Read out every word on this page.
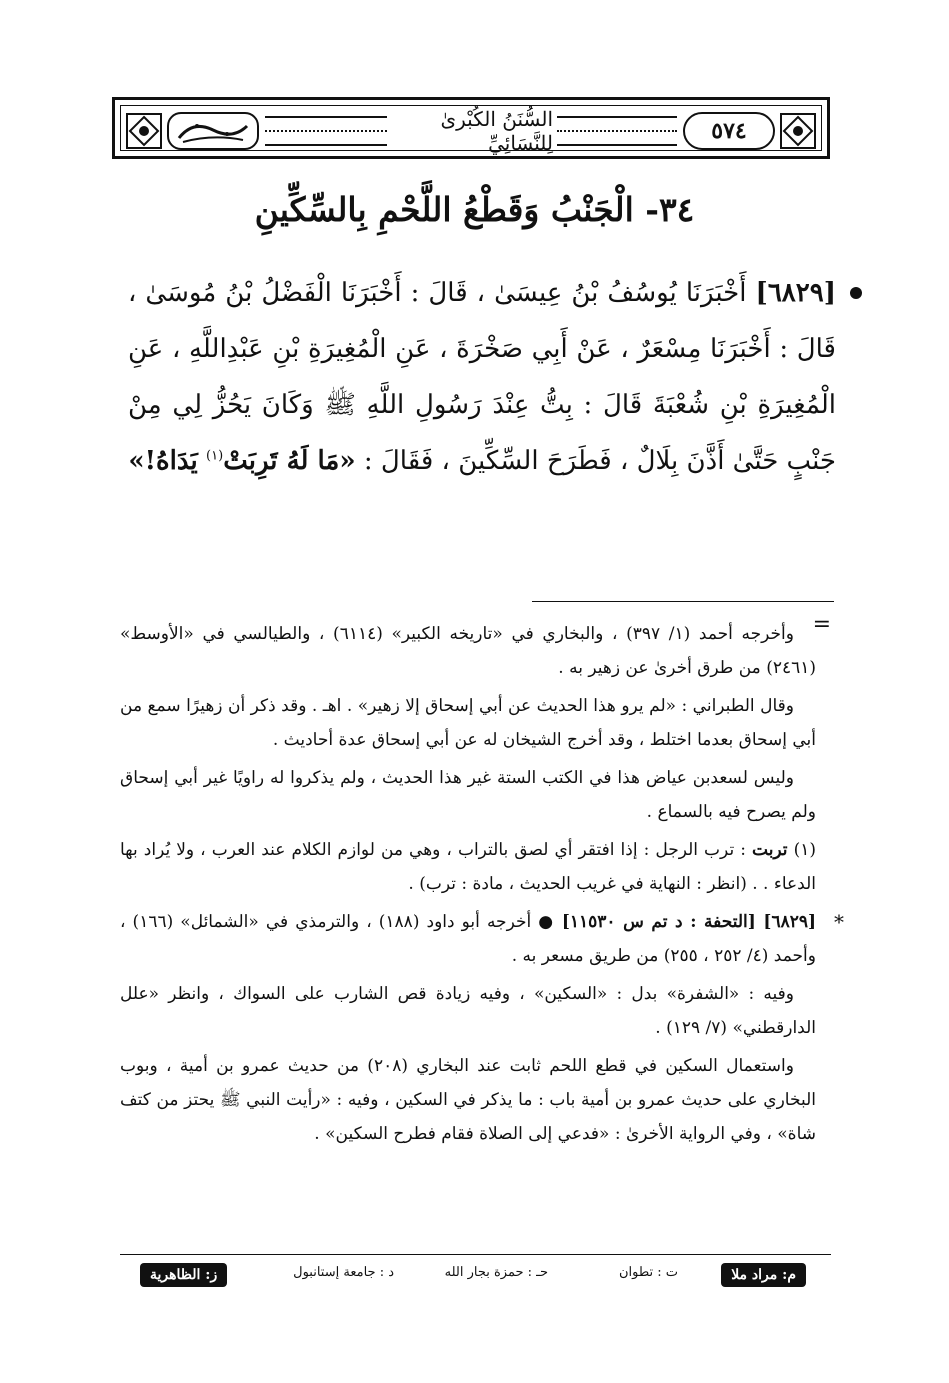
٥٧٤
السُّنَنُ الكُبْرىٰ لِلنَّسَائِيِّ
٣٤- الْجَنْبُ وَقَطْعُ اللَّحْمِ بِالسِّكِّينِ
[٦٨٢٩] أَخْبَرَنَا يُوسُفُ بْنُ عِيسَىٰ ، قَالَ : أَخْبَرَنَا الْفَضْلُ بْنُ مُوسَىٰ ، قَالَ : أَخْبَرَنَا مِسْعَرٌ ، عَنْ أَبِي صَخْرَةَ ، عَنِ الْمُغِيرَةِ بْنِ عَبْدِاللَّهِ ، عَنِ الْمُغِيرَةِ بْنِ شُعْبَةَ قَالَ : بِتُّ عِنْدَ رَسُولِ اللَّهِ ﷺ وَكَانَ يَحُزُّ لِي مِنْ جَنْبٍ حَتَّىٰ أَذَّنَ بِلَالٌ ، فَطَرَحَ السِّكِّينَ ، فَقَالَ : «مَا لَهُ تَرِبَتْ$^{(١)}$ يَدَاهُ!»
=

وأخرجه أحمد (١/ ٣٩٧) ، والبخاري في «تاريخه الكبير» (٦١١٤) ، والطيالسي في «الأوسط» (٢٤٦١) من طرق أخرىٰ عن زهير به .

وقال الطبراني : «لم يرو هذا الحديث عن أبي إسحاق إلا زهير» . اهـ . وقد ذكر أن زهيرًا سمع من أبي إسحاق بعدما اختلط ، وقد أخرج الشيخان له عن أبي إسحاق عدة أحاديث .

وليس لسعدبن عياض هذا في الكتب الستة غير هذا الحديث ، ولم يذكروا له راويًا غير أبي إسحاق ولم يصرح فيه بالسماع .

(١) تربت : ترب الرجل : إذا افتقر أي لصق بالتراب ، وهي من لوازم الكلام عند العرب ، ولا يُراد بها الدعاء . . (انظر : النهاية في غريب الحديث ، مادة : ترب) .

*
[٦٨٢٩] [التحفة : د تم س ١١٥٣٠] ● أخرجه أبو داود (١٨٨) ، والترمذي في «الشمائل» (١٦٦) ، وأحمد (٤/ ٢٥٢ ، ٢٥٥) من طريق مسعر به .

وفيه : «الشفرة» بدل : «السكين» ، وفيه زيادة قص الشارب على السواك ، وانظر «علل الدارقطني» (٧/ ١٢٩) .

واستعمال السكين في قطع اللحم ثابت عند البخاري (٢٠٨) من حديث عمرو بن أمية ، وبوب البخاري على حديث عمرو بن أمية باب : ما يذكر في السكين ، وفيه : «رأيت النبي ﷺ يحتز من كتف شاة» ، وفي الرواية الأخرىٰ : «فدعي إلى الصلاة فقام فطرح السكين» .

م: مراد ملا
ت : تطوان
حـ : حمزة بجار الله
د : جامعة إستانبول
ز: الظاهرية
